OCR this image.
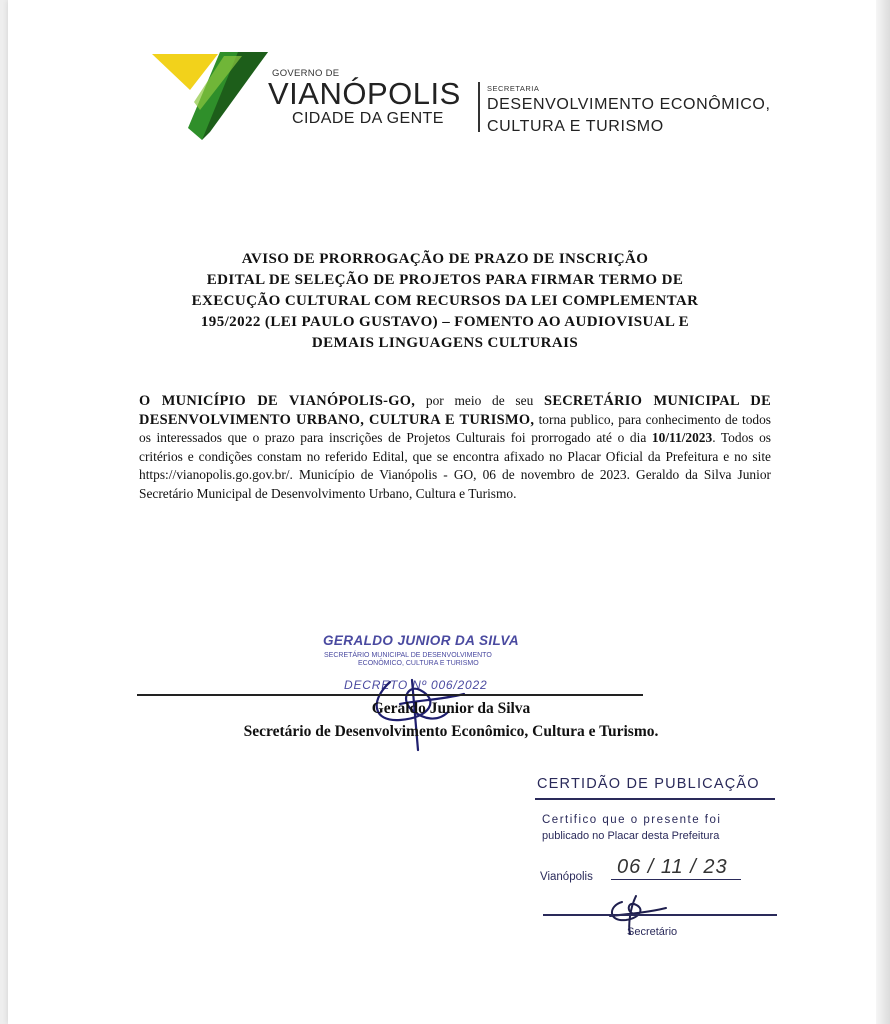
GOVERNO DE
VIANÓPOLIS
CIDADE DA GENTE
SECRETARIA
DESENVOLVIMENTO ECONÔMICO,
CULTURA E TURISMO
AVISO DE PRORROGAÇÃO DE PRAZO DE INSCRIÇÃO
EDITAL DE SELEÇÃO DE PROJETOS PARA FIRMAR TERMO DE
EXECUÇÃO CULTURAL COM RECURSOS DA LEI COMPLEMENTAR
195/2022 (LEI PAULO GUSTAVO) – FOMENTO AO AUDIOVISUAL E
DEMAIS LINGUAGENS CULTURAIS
O MUNICÍPIO DE VIANÓPOLIS-GO, por meio de seu SECRETÁRIO MUNICIPAL DE DESENVOLVIMENTO URBANO, CULTURA E TURISMO, torna publico, para conhecimento de todos os interessados que o prazo para inscrições de Projetos Culturais foi prorrogado até o dia 10/11/2023. Todos os critérios e condições constam no referido Edital, que se encontra afixado no Placar Oficial da Prefeitura e no site https://vianopolis.go.gov.br/. Município de Vianópolis - GO, 06 de novembro de 2023. Geraldo da Silva Junior Secretário Municipal de Desenvolvimento Urbano, Cultura e Turismo.
GERALDO JUNIOR DA SILVA
SECRETÁRIO MUNICIPAL DE DESENVOLVIMENTO
ECONÔMICO, CULTURA E TURISMO
DECRETO Nº 006/2022
Geraldo Junior da Silva
Secretário de Desenvolvimento Econômico, Cultura e Turismo.
CERTIDÃO DE PUBLICAÇÃO
Certifico que o presente foi
publicado no Placar desta Prefeitura
Vianópolis 06 / 11 / 23
Secretário
